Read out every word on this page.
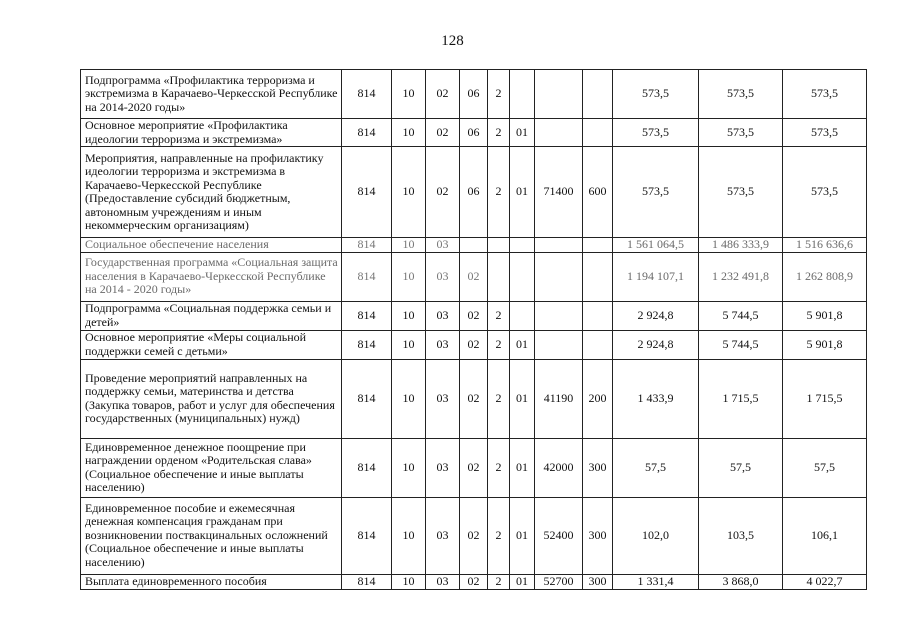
128
Подпрограмма «Профилактика терроризма и экстремизма в Карачаево-Черкесской Республике на 2014-2020 годы»	814	10	02	06	2				573,5	573,5	573,5
Основное мероприятие «Профилактика идеологии терроризма и экстремизма»	814	10	02	06	2	01			573,5	573,5	573,5
Мероприятия, направленные на профилактику идеологии терроризма и экстремизма в Карачаево-Черкесской Республике (Предоставление субсидий бюджетным, автономным учреждениям и иным некоммерческим организациям)	814	10	02	06	2	01	71400	600	573,5	573,5	573,5
Социальное обеспечение населения	814	10	03						1 561 064,5	1 486 333,9	1 516 636,6
Государственная программа «Социальная защита населения в Карачаево-Черкесской Республике на 2014 - 2020 годы»	814	10	03	02					1 194 107,1	1 232 491,8	1 262 808,9
Подпрограмма «Социальная поддержка семьи и детей»	814	10	03	02	2				2 924,8	5 744,5	5 901,8
Основное мероприятие «Меры социальной поддержки семей с детьми»	814	10	03	02	2	01			2 924,8	5 744,5	5 901,8
Проведение мероприятий направленных на поддержку семьи, материнства и детства (Закупка товаров, работ и услуг для обеспечения государственных (муниципальных) нужд)	814	10	03	02	2	01	41190	200	1 433,9	1 715,5	1 715,5
Единовременное денежное поощрение при награждении орденом «Родительская слава» (Социальное обеспечение и иные выплаты населению)	814	10	03	02	2	01	42000	300	57,5	57,5	57,5
Единовременное пособие и ежемесячная денежная компенсация гражданам при возникновении поствакцинальных осложнений (Социальное обеспечение и иные выплаты населению)	814	10	03	02	2	01	52400	300	102,0	103,5	106,1
Выплата единовременного пособия	814	10	03	02	2	01	52700	300	1 331,4	3 868,0	4 022,7
